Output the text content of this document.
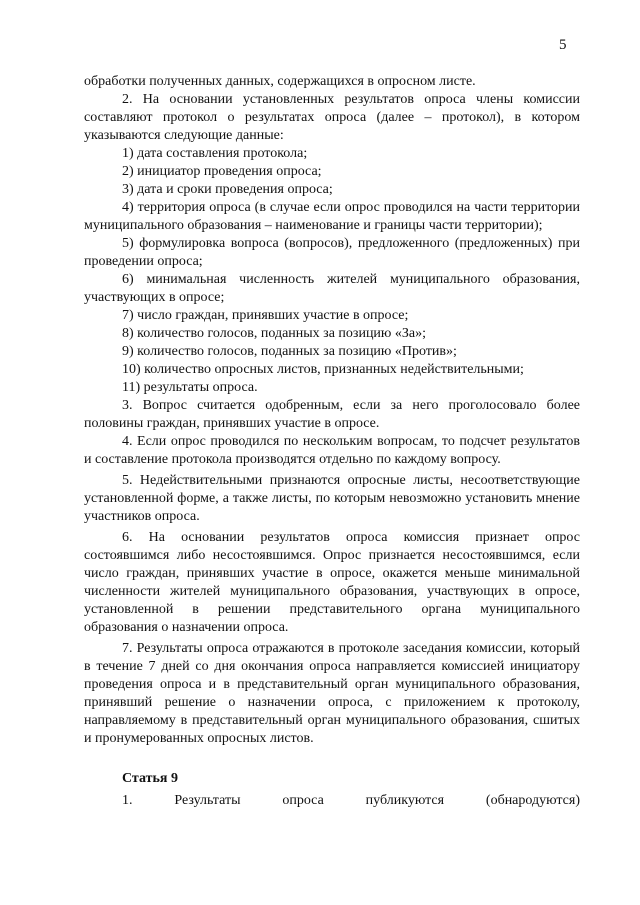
5

обработки полученных данных, содержащихся в опросном листе.

2. На основании установленных результатов опроса члены комиссии составляют протокол о результатах опроса (далее – протокол), в котором указываются следующие данные:

1) дата составления протокола;

2) инициатор проведения опроса;

3) дата и сроки проведения опроса;

4) территория опроса (в случае если опрос проводился на части территории муниципального образования – наименование и границы части территории);

5) формулировка вопроса (вопросов), предложенного (предложенных) при проведении опроса;

6) минимальная численность жителей муниципального образования, участвующих в опросе;

7) число граждан, принявших участие в опросе;

8) количество голосов, поданных за позицию «За»;

9) количество голосов, поданных за позицию «Против»;

10) количество опросных листов, признанных недействительными;

11) результаты опроса.

3. Вопрос считается одобренным, если за него проголосовало более половины граждан, принявших участие в опросе.

4. Если опрос проводился по нескольким вопросам, то подсчет результатов и составление протокола производятся отдельно по каждому вопросу.

5. Недействительными признаются опросные листы, несоответствующие установленной форме, а также листы, по которым невозможно установить мнение участников опроса.

6. На основании результатов опроса комиссия признает опрос состоявшимся либо несостоявшимся. Опрос признается несостоявшимся, если число граждан, принявших участие в опросе, окажется меньше минимальной численности жителей муниципального образования, участвующих в опросе, установленной в решении представительного органа муниципального образования о назначении опроса.

7. Результаты опроса отражаются в протоколе заседания комиссии, который в течение 7 дней со дня окончания опроса направляется комиссией инициатору проведения опроса и в представительный орган муниципального образования, принявший решение о назначении опроса, с приложением к протоколу, направляемому в представительный орган муниципального образования, сшитых и пронумерованных опросных листов.

Статья 9

1.	Результаты	опроса	публикуются	(обнародуются)
